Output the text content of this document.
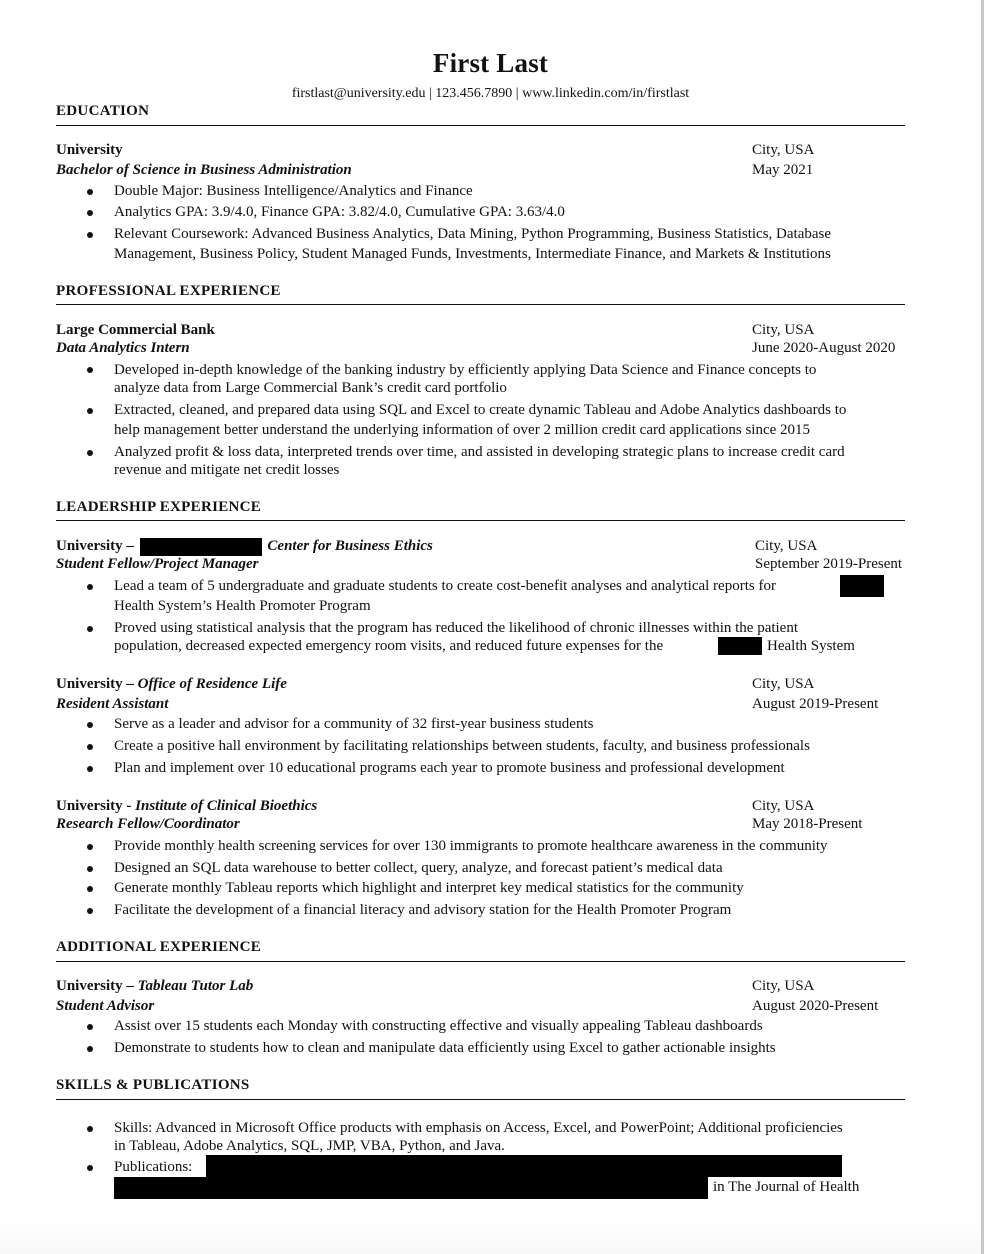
First Last
firstlast@university.edu | 123.456.7890 | www.linkedin.com/in/firstlast
EDUCATION
University	City, USA
Bachelor of Science in Business Administration	May 2021
Double Major: Business Intelligence/Analytics and Finance
Analytics GPA: 3.9/4.0, Finance GPA: 3.82/4.0, Cumulative GPA: 3.63/4.0
Relevant Coursework: Advanced Business Analytics, Data Mining, Python Programming, Business Statistics, Database
Management, Business Policy, Student Managed Funds, Investments, Intermediate Finance, and Markets & Institutions
PROFESSIONAL EXPERIENCE
Large Commercial Bank	City, USA
Data Analytics Intern	June 2020-August 2020
Developed in-depth knowledge of the banking industry by efficiently applying Data Science and Finance concepts to
analyze data from Large Commercial Bank’s credit card portfolio
Extracted, cleaned, and prepared data using SQL and Excel to create dynamic Tableau and Adobe Analytics dashboards to
help management better understand the underlying information of over 2 million credit card applications since 2015
Analyzed profit & loss data, interpreted trends over time, and assisted in developing strategic plans to increase credit card
revenue and mitigate net credit losses
LEADERSHIP EXPERIENCE
University –	Center for Business Ethics	City, USA
Student Fellow/Project Manager	September 2019-Present
Lead a team of 5 undergraduate and graduate students to create cost-benefit analyses and analytical reports for
Health System’s Health Promoter Program
Proved using statistical analysis that the program has reduced the likelihood of chronic illnesses within the patient
population, decreased expected emergency room visits, and reduced future expenses for the	Health System
University – Office of Residence Life	City, USA
Resident Assistant	August 2019-Present
Serve as a leader and advisor for a community of 32 first-year business students
Create a positive hall environment by facilitating relationships between students, faculty, and business professionals
Plan and implement over 10 educational programs each year to promote business and professional development
University - Institute of Clinical Bioethics	City, USA
Research Fellow/Coordinator	May 2018-Present
Provide monthly health screening services for over 130 immigrants to promote healthcare awareness in the community
Designed an SQL data warehouse to better collect, query, analyze, and forecast patient’s medical data
Generate monthly Tableau reports which highlight and interpret key medical statistics for the community
Facilitate the development of a financial literacy and advisory station for the Health Promoter Program
ADDITIONAL EXPERIENCE
University – Tableau Tutor Lab	City, USA
Student Advisor	August 2020-Present
Assist over 15 students each Monday with constructing effective and visually appealing Tableau dashboards
Demonstrate to students how to clean and manipulate data efficiently using Excel to gather actionable insights
SKILLS & PUBLICATIONS
Skills: Advanced in Microsoft Office products with emphasis on Access, Excel, and PowerPoint; Additional proficiencies
in Tableau, Adobe Analytics, SQL, JMP, VBA, Python, and Java.
Publications:
in The Journal of Health
